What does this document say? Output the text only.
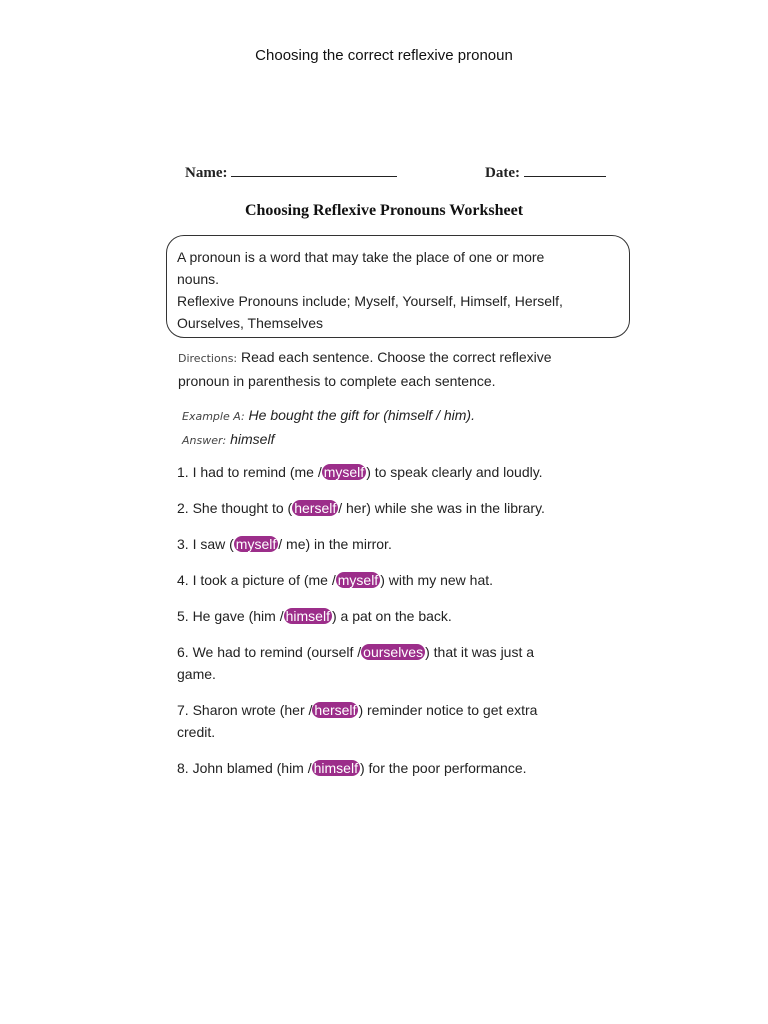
Choosing the correct reflexive pronoun
Name:	Date:
Choosing Reflexive Pronouns Worksheet
A pronoun is a word that may take the place of one or more
nouns.
Reflexive Pronouns include; Myself, Yourself, Himself, Herself,
Ourselves, Themselves
Directions: Read each sentence. Choose the correct reflexive
pronoun in parenthesis to complete each sentence.
Example A: He bought the gift for (himself / him).
Answer: himself
1. I had to remind (me / myself ) to speak clearly and loudly.
2. She thought to ( herself / her) while she was in the library.
3. I saw ( myself / me) in the mirror.
4. I took a picture of (me / myself ) with my new hat.
5. He gave (him / himself ) a pat on the back.
6. We had to remind (ourself / ourselves ) that it was just a
game.
7. Sharon wrote (her / herself ) reminder notice to get extra
credit.
8. John blamed (him / himself ) for the poor performance.
